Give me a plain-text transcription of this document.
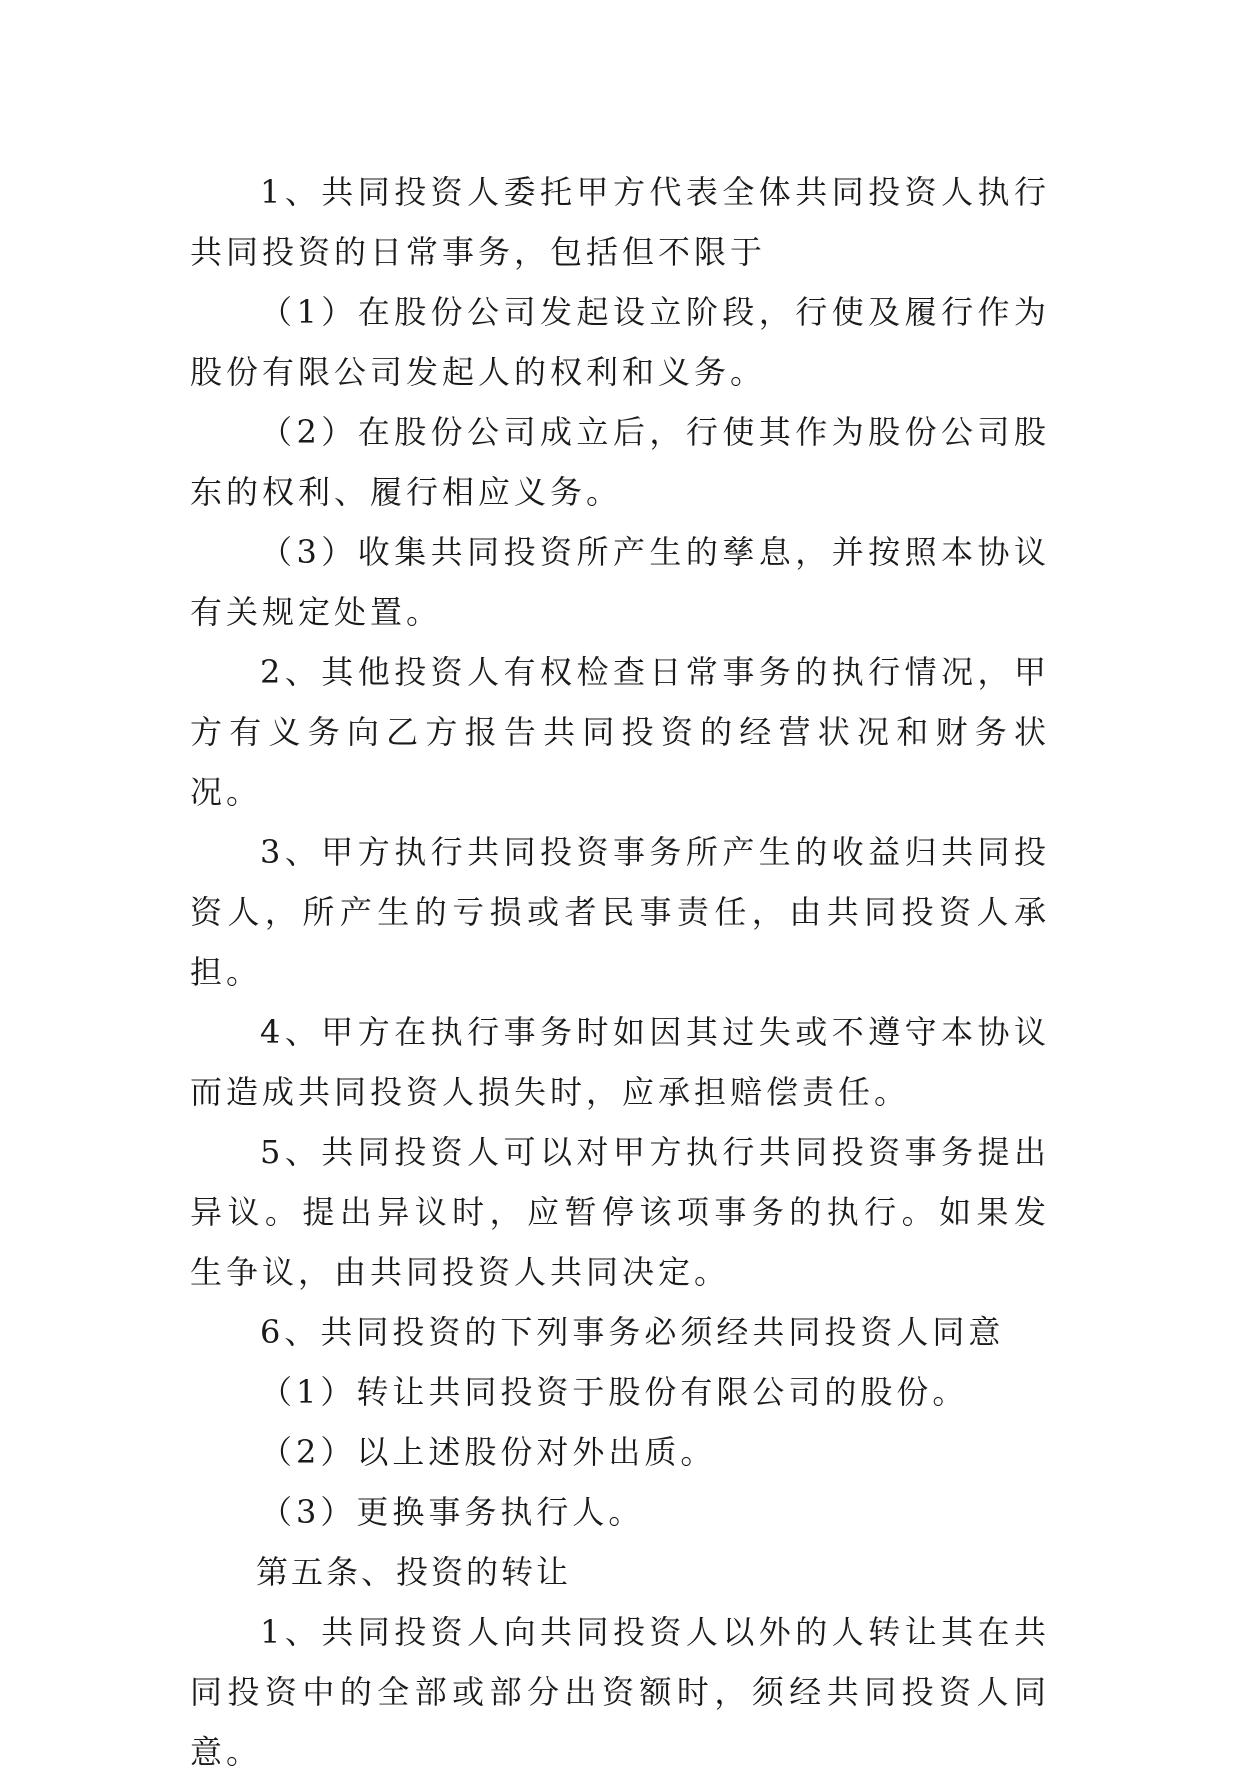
1、共同投资人委托甲方代表全体共同投资人执行共同投资的日常事务，包括但不限于

（1）在股份公司发起设立阶段，行使及履行作为股份有限公司发起人的权利和义务。

（2）在股份公司成立后，行使其作为股份公司股东的权利、履行相应义务。

（3）收集共同投资所产生的孳息，并按照本协议有关规定处置。

2、其他投资人有权检查日常事务的执行情况，甲方有义务向乙方报告共同投资的经营状况和财务状况。

3、甲方执行共同投资事务所产生的收益归共同投资人，所产生的亏损或者民事责任，由共同投资人承担。

4、甲方在执行事务时如因其过失或不遵守本协议而造成共同投资人损失时，应承担赔偿责任。

5、共同投资人可以对甲方执行共同投资事务提出异议。提出异议时，应暂停该项事务的执行。如果发生争议，由共同投资人共同决定。

6、共同投资的下列事务必须经共同投资人同意

（1）转让共同投资于股份有限公司的股份。

（2）以上述股份对外出质。

（3）更换事务执行人。

第五条、投资的转让

1、共同投资人向共同投资人以外的人转让其在共同投资中的全部或部分出资额时，须经共同投资人同意。
